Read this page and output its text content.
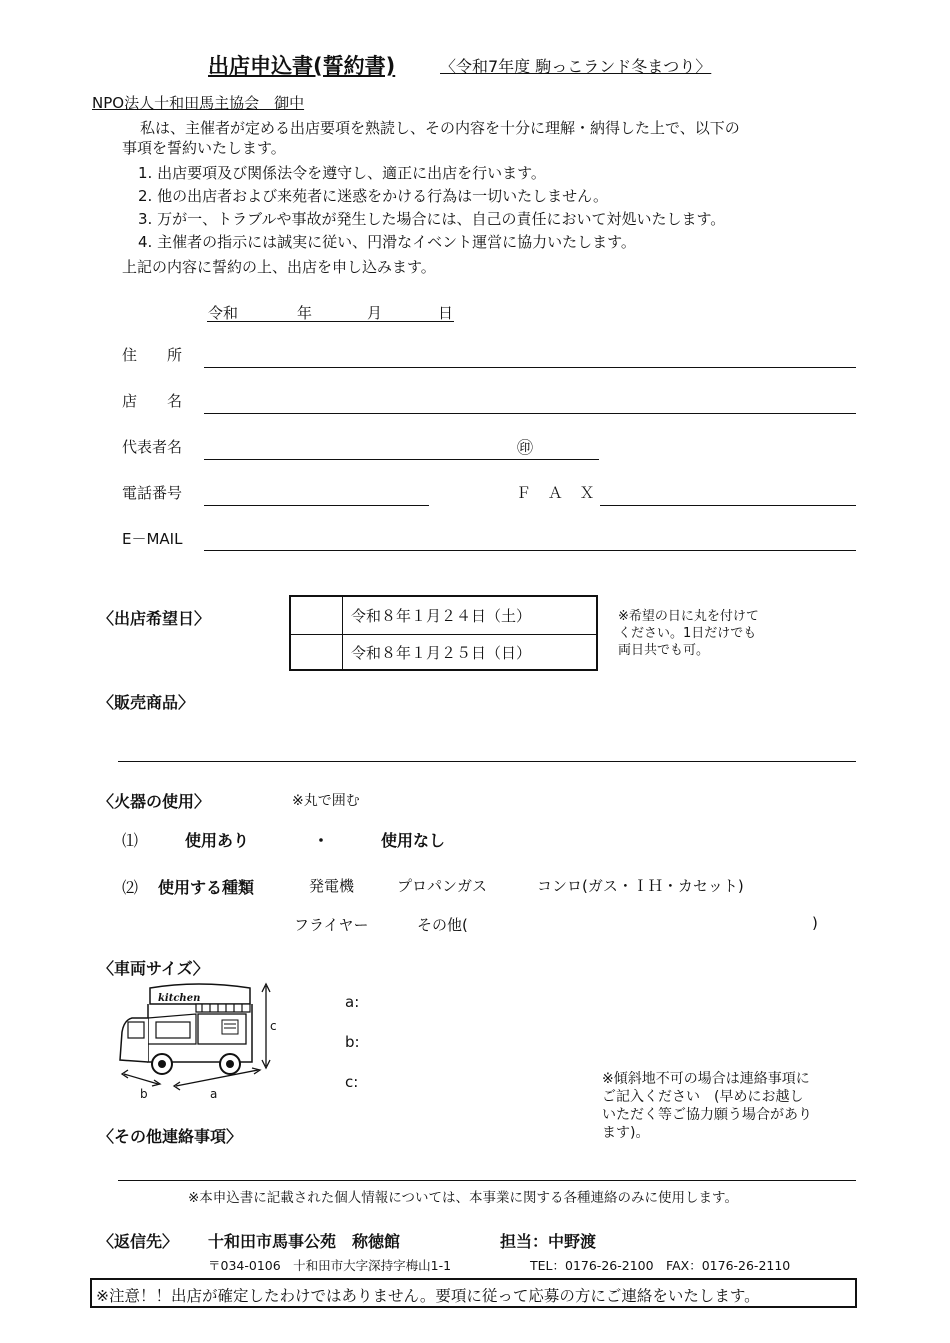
出店申込書(誓約書)	〈令和7年度 駒っこランド冬まつり〉
NPO法人十和田馬主協会　御中
私は、主催者が定める出店要項を熟読し、その内容を十分に理解・納得した上で、以下の
事項を誓約いたします。
1. 出店要項及び関係法令を遵守し、適正に出店を行います。
2. 他の出店者および来苑者に迷惑をかける行為は一切いたしません。
3. 万が一、トラブルや事故が発生した場合には、自己の責任において対処いたします。
4. 主催者の指示には誠実に従い、円滑なイベント運営に協力いたします。
上記の内容に誓約の上、出店を申し込みます。
令和	年	月	日
住　　所
店　　名
代表者名	㊞
電話番号	Ｆ Ａ Ｘ
E－MAIL
〈出店希望日〉	令和８年１月２４日（土）
令和８年１月２５日（日）
※希望の日に丸を付けて
ください。1日だけでも
両日共でも可。
〈販売商品〉
〈火器の使用〉	※丸で囲む
⑴	使用あり	・	使用なし
⑵ 使用する種類	発電機	プロパンガス	コンロ(ガス・ＩＨ・カセット)
フライヤー	その他(	)
〈車両サイズ〉
kitchen
b	a
c
a:
b:
c:	※傾斜地不可の場合は連絡事項に
ご記入ください　(早めにお越し
いただく等ご協力願う場合があり
ます)。
〈その他連絡事項〉
※本申込書に記載された個人情報については、本事業に関する各種連絡のみに使用します。
〈返信先〉 十和田市馬事公苑　称徳館	担当：中野渡
〒034-0106　十和田市大字深持字梅山1-1	TEL：0176-26-2100　FAX：0176-26-2110
※注意！！出店が確定したわけではありません。要項に従って応募の方にご連絡をいたします。
